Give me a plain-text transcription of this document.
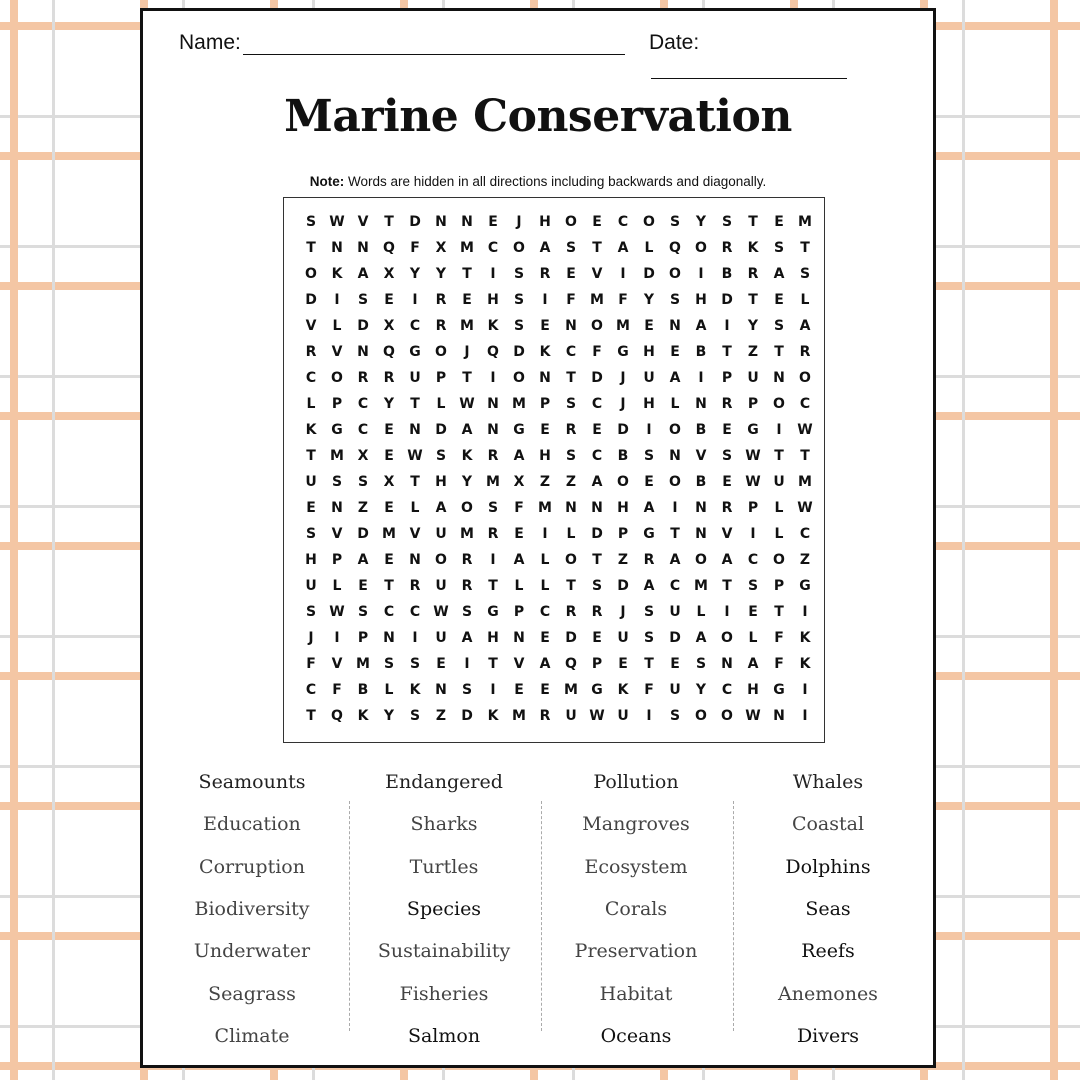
Name:	Date:
Marine Conservation
Note: Words are hidden in all directions including backwards and diagonally.
S W V	T	D	N	N	E	J	H	O	E	C	O	S	Y	S	T	E	M
T	N	N	Q	F	X M C	O	A	S	T	A	L	Q	O	R	K	S	T
O	K	A	X	Y	Y	T	I	S	R	E	V	I	D	O	I	B	R	A	S
D	I	S	E	I	R	E	H	S	I	F	M	F	Y	S	H	D	T	E	L
V	L	D	X	C	R M K	S	E	N	O M	E	N	A	I	Y	S	A
R	V	N	Q	G	O	J	Q	D	K	C	F	G	H	E	B	T	Z	T	R
C	O	R	R	U	P	T	I	O	N	T	D	J	U	A	I	P	U	N	O
L	P	C	Y	T	L W N M P	S	C	J	H	L	N	R	P	O	C
K	G	C	E	N	D	A	N	G	E	R	E	D	I	O	B	E	G	I	W
T	M X	E W S	K	R	A	H	S	C	B	S	N	V	S W T	T
U	S	S	X	T	H	Y M X	Z	Z	A	O	E	O	B	E W U M
E	N	Z	E	L	A	O	S	F	M N	N	H	A	I	N	R	P	L W
S	V	D M V	U M R	E	I	L	D	P	G	T	N	V	I	L	C
H	P	A	E	N	O	R	I	A	L	O	T	Z	R	A	O	A	C	O	Z
U	L	E	T	R	U	R	T	L	L	T	S	D	A	C M	T	S	P	G
S W S	C	C W S	G	P	C	R	R	J	S	U	L	I	E	T	I
J	I	P	N	I	U	A	H	N	E	D	E	U	S	D	A	O	L	F	K
F	V M S	S	E	I	T	V	A	Q	P	E	T	E	S	N	A	F	K
C	F	B	L	K	N	S	I	E	E	M G	K	F	U	Y	C	H	G	I
T	Q	K	Y	S	Z	D	K M R	U W U	I	S	O	O W N	I
Seamounts
Education
Corruption
Biodiversity
Underwater
Seagrass
Climate
Endangered
Sharks
Turtles
Species
Sustainability
Fisheries
Salmon
Pollution
Mangroves
Ecosystem
Corals
Preservation
Habitat
Oceans
Whales
Coastal
Dolphins
Seas
Reefs
Anemones
Divers
